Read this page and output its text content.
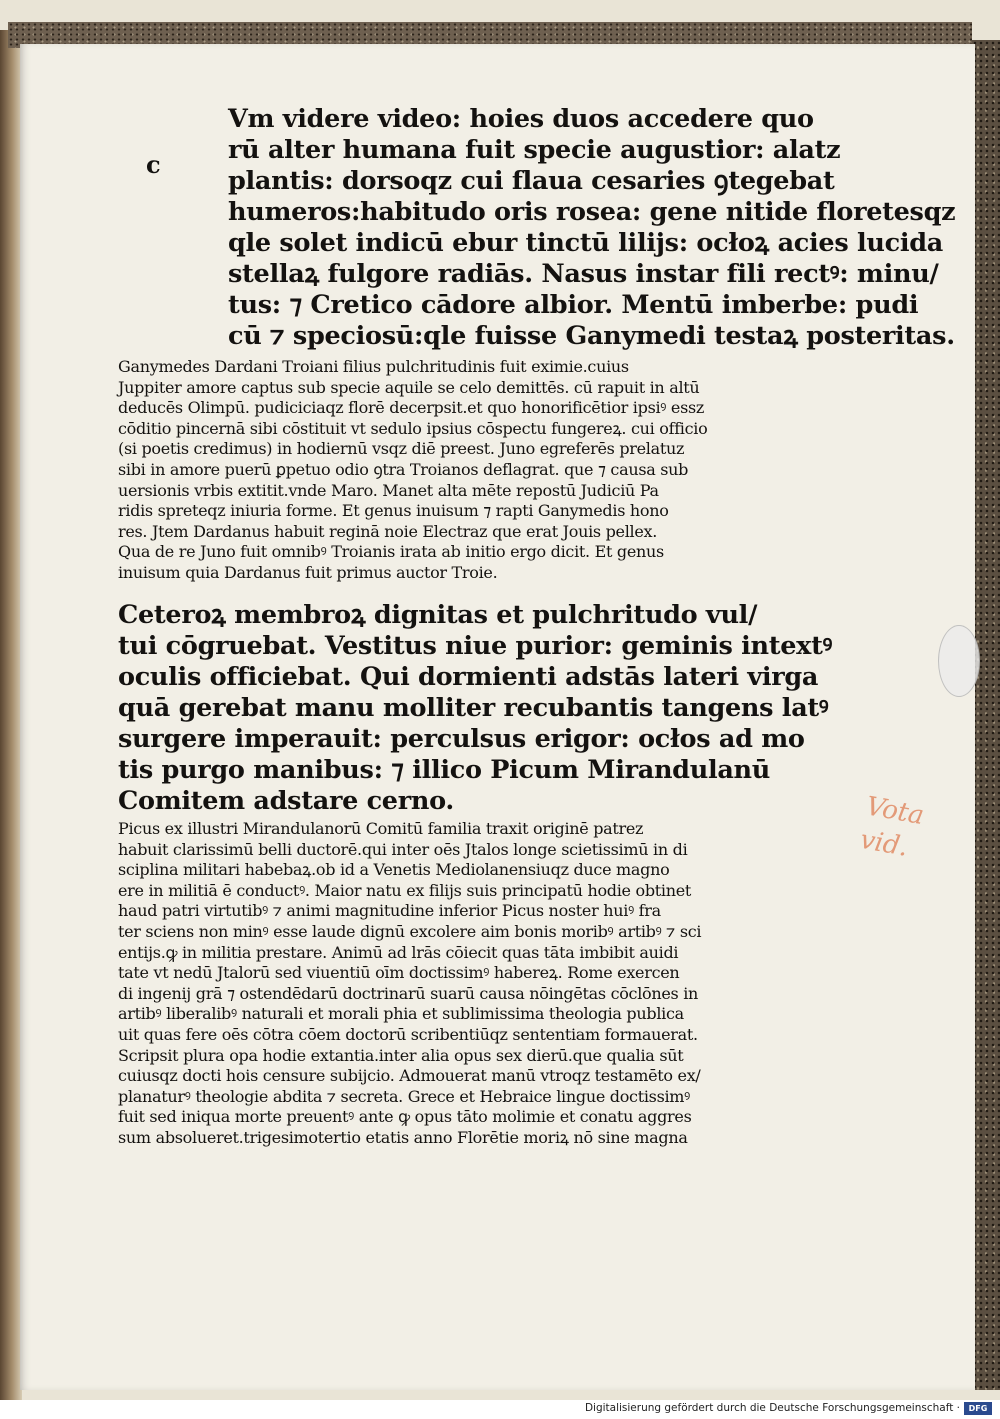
c
Vm videre video: hoies duos accedere quo
rū alter humana fuit specie augustior: alatz
plantis: dorsoqz cui flaua cesaries ꝯtegebat
humeros:habitudo oris rosea: gene nitide floretesqz
qle solet indicū ebur tinctū lilijs: ocłoꝝ acies lucida
stellaꝝ fulgore radiās. Nasus instar fili rectꝰ: minu/
tus: ⁊ Cretico cādore albior. Mentū imberbe: pudi
cū ⁊ speciosū:qle fuisse Ganymedi testaꝝ posteritas.
Ganymedes Dardani Troiani filius pulchritudinis fuit eximie.cuius
Juppiter amore captus sub specie aquile se celo demittēs. cū rapuit in altū
deducēs Olimpū. pudiciciaqz florē decerpsit.et quo honorificētior ipsiꝰ essz
cōditio pincernā sibi cōstituit vt sedulo ipsius cōspectu fungereꝝ. cui officio
(si poetis credimus) in hodiernū vsqz diē preest. Juno egreferēs prelatuz
sibi in amore puerū ꝑpetuo odio ꝯtra Troianos deflagrat. que ⁊ causa sub
uersionis vrbis extitit.vnde Maro. Manet alta mēte repostū Judiciū Pa
ridis spreteqz iniuria forme. Et genus inuisum ⁊ rapti Ganymedis hono
res. Jtem Dardanus habuit reginā noie Electraz que erat Jouis pellex.
Qua de re Juno fuit omnibꝰ Troianis irata ab initio ergo dicit. Et genus
inuisum quia Dardanus fuit primus auctor Troie.
Ceteroꝝ membroꝝ dignitas et pulchritudo vul/
tui cōgruebat. Vestitus niue purior: geminis intextꝰ
oculis officiebat. Qui dormienti adstās lateri virga
quā gerebat manu molliter recubantis tangens latꝰ
surgere imperauit: perculsus erigor: ocłos ad mo
tis purgo manibus: ⁊ illico Picum Mirandulanū
Comitem adstare cerno.
Picus ex illustri Mirandulanorū Comitū familia traxit originē patrez
habuit clarissimū belli ductorē.qui inter oēs Jtalos longe scietissimū in di
sciplina militari habebaꝝ.ob id a Venetis Mediolanensiuqz duce magno
ere in militiā ē conductꝰ. Maior natu ex filijs suis principatū hodie obtinet
haud patri virtutibꝰ ⁊ animi magnitudine inferior Picus noster huiꝰ fra
ter sciens non minꝰ esse laude dignū excolere aim bonis moribꝰ artibꝰ ⁊ sci
entijs.ꝙ in militia prestare. Animū ad lrās cōiecit quas tāta imbibit auidi
tate vt nedū Jtalorū sed viuentiū oīm doctissimꝰ habereꝝ. Rome exercen
di ingenij grā ⁊ ostendēdarū doctrinarū suarū causa nōingētas cōclōnes in
artibꝰ liberalibꝰ naturali et morali phia et sublimissima theologia publica
uit quas fere oēs cōtra cōem doctorū scribentiūqz sententiam formauerat.
Scripsit plura opa hodie extantia.inter alia opus sex dierū.que qualia sūt
cuiusqz docti hois censure subijcio. Admouerat manū vtroqz testamēto ex/
planaturꝰ theologie abdita ⁊ secreta. Grece et Hebraice lingue doctissimꝰ
fuit sed iniqua morte preuentꝰ ante ꝙ opus tāto molimie et conatu aggres
sum absolueret.trigesimotertio etatis anno Florētie moriꝝ nō sine magna
Vota
vid.
Digitalisierung gefördert durch die Deutsche Forschungsgemeinschaft ·	DFG
